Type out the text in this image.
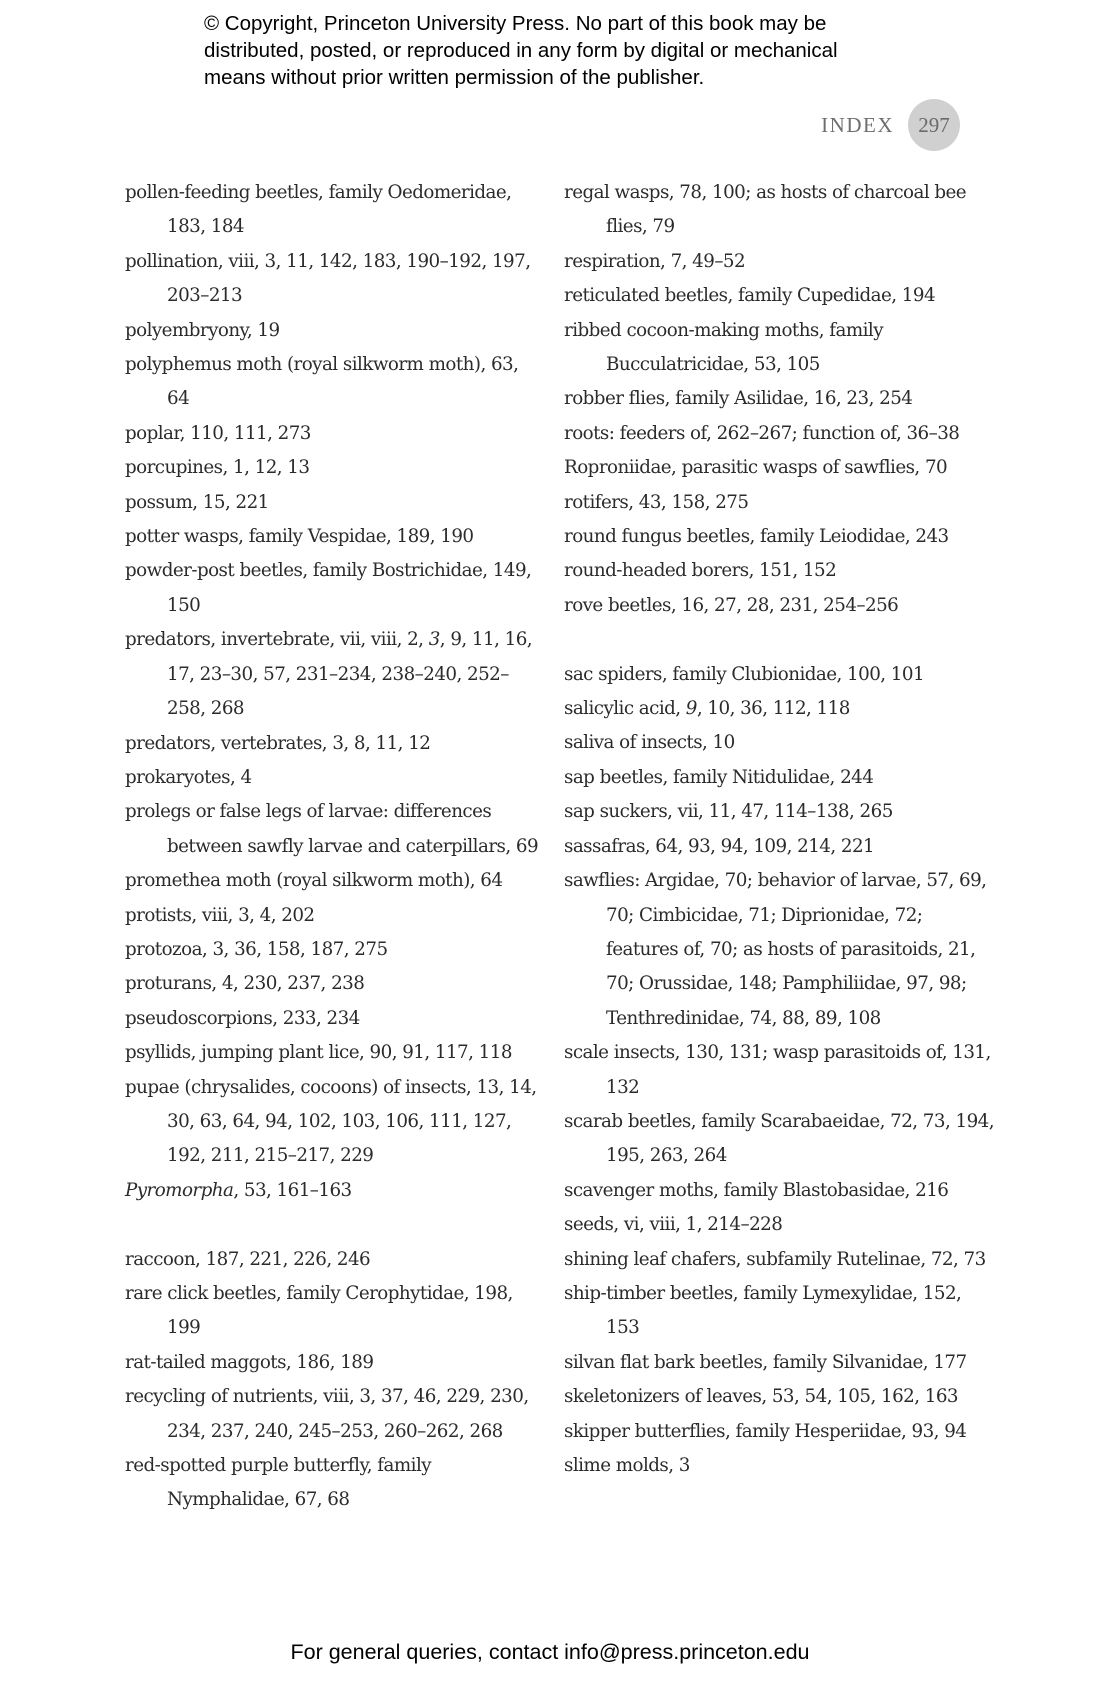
© Copyright, Princeton University Press. No part of this book may be
distributed, posted, or reproduced in any form by digital or mechanical
means without prior written permission of the publisher.
INDEX	297
pollen-feeding beetles, family Oedomeridae, 183, 184
pollination, viii, 3, 11, 142, 183, 190–192, 197, 203–213
polyembryony, 19
polyphemus moth (royal silkworm moth), 63, 64
poplar, 110, 111, 273
porcupines, 1, 12, 13
possum, 15, 221
potter wasps, family Vespidae, 189, 190
powder-post beetles, family Bostrichidae, 149, 150
predators, invertebrate, vii, viii, 2, 3, 9, 11, 16, 17, 23–30, 57, 231–234, 238–240, 252–258, 268
predators, vertebrates, 3, 8, 11, 12
prokaryotes, 4
prolegs or false legs of larvae: differences between sawfly larvae and caterpillars, 69
promethea moth (royal silkworm moth), 64
protists, viii, 3, 4, 202
protozoa, 3, 36, 158, 187, 275
proturans, 4, 230, 237, 238
pseudoscorpions, 233, 234
psyllids, jumping plant lice, 90, 91, 117, 118
pupae (chrysalides, cocoons) of insects, 13, 14, 30, 63, 64, 94, 102, 103, 106, 111, 127, 192, 211, 215–217, 229
Pyromorpha, 53, 161–163
raccoon, 187, 221, 226, 246
rare click beetles, family Cerophytidae, 198, 199
rat-tailed maggots, 186, 189
recycling of nutrients, viii, 3, 37, 46, 229, 230, 234, 237, 240, 245–253, 260–262, 268
red-spotted purple butterfly, family Nymphalidae, 67, 68
regal wasps, 78, 100; as hosts of charcoal bee flies, 79
respiration, 7, 49–52
reticulated beetles, family Cupedidae, 194
ribbed cocoon-making moths, family Bucculatricidae, 53, 105
robber flies, family Asilidae, 16, 23, 254
roots: feeders of, 262–267; function of, 36–38
Roproniidae, parasitic wasps of sawflies, 70
rotifers, 43, 158, 275
round fungus beetles, family Leiodidae, 243
round-headed borers, 151, 152
rove beetles, 16, 27, 28, 231, 254–256
sac spiders, family Clubionidae, 100, 101
salicylic acid, 9, 10, 36, 112, 118
saliva of insects, 10
sap beetles, family Nitidulidae, 244
sap suckers, vii, 11, 47, 114–138, 265
sassafras, 64, 93, 94, 109, 214, 221
sawflies: Argidae, 70; behavior of larvae, 57, 69, 70; Cimbicidae, 71; Diprionidae, 72; features of, 70; as hosts of parasitoids, 21, 70; Orussidae, 148; Pamphiliidae, 97, 98; Tenthredinidae, 74, 88, 89, 108
scale insects, 130, 131; wasp parasitoids of, 131, 132
scarab beetles, family Scarabaeidae, 72, 73, 194, 195, 263, 264
scavenger moths, family Blastobasidae, 216
seeds, vi, viii, 1, 214–228
shining leaf chafers, subfamily Rutelinae, 72, 73
ship-timber beetles, family Lymexylidae, 152, 153
silvan flat bark beetles, family Silvanidae, 177
skeletonizers of leaves, 53, 54, 105, 162, 163
skipper butterflies, family Hesperiidae, 93, 94
slime molds, 3
For general queries, contact info@press.princeton.edu
